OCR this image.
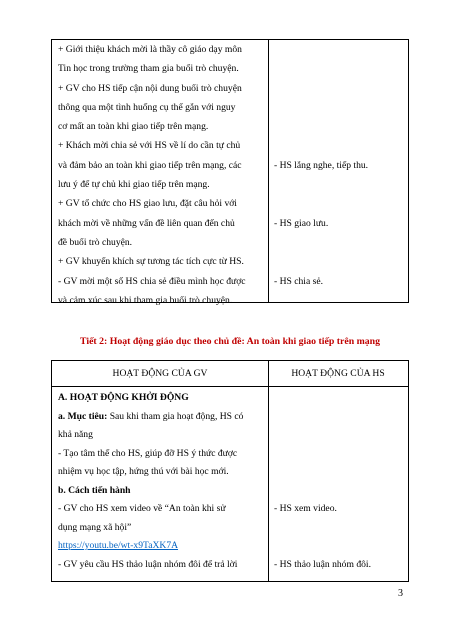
+ Giới thiệu khách mời là thầy cô giáo dạy môn
Tin học trong trường tham gia buổi trò chuyện.
+ GV cho HS tiếp cận nội dung buổi trò chuyện
thông qua một tình huống cụ thể gắn với nguy
cơ mất an toàn khi giao tiếp trên mạng.
+ Khách mời chia sẻ với HS về lí do cần tự chủ
và đảm bảo an toàn khi giao tiếp trên mạng, các
lưu ý để tự chủ khi giao tiếp trên mạng.
+ GV tổ chức cho HS giao lưu, đặt câu hỏi với
khách mời về những vấn đề liên quan đến chủ
đề buổi trò chuyện.
+ GV khuyến khích sự tương tác tích cực từ HS.
- GV mời một số HS chia sẻ điều mình học được
và cảm xúc sau khi tham gia buổi trò chuyện.
- HS lắng nghe, tiếp thu.
- HS giao lưu.
- HS chia sẻ.
Tiết 2: Hoạt động giáo dục theo chủ đề: An toàn khi giao tiếp trên mạng
HOẠT ĐỘNG CỦA GV	HOẠT ĐỘNG CỦA HS
A. HOẠT ĐỘNG KHỞI ĐỘNG
a. Mục tiêu: Sau khi tham gia hoạt động, HS có
khả năng
- Tạo tâm thế cho HS, giúp đỡ HS ý thức được
nhiệm vụ học tập, hứng thú với bài học mới.
b. Cách tiến hành
- GV cho HS xem video về “An toàn khi sử
dụng mạng xã hội”
https://youtu.be/wt-x9TaXK7A
- GV yêu cầu HS thảo luận nhóm đôi để trả lời
- HS xem video.
- HS thảo luận nhóm đôi.
3
